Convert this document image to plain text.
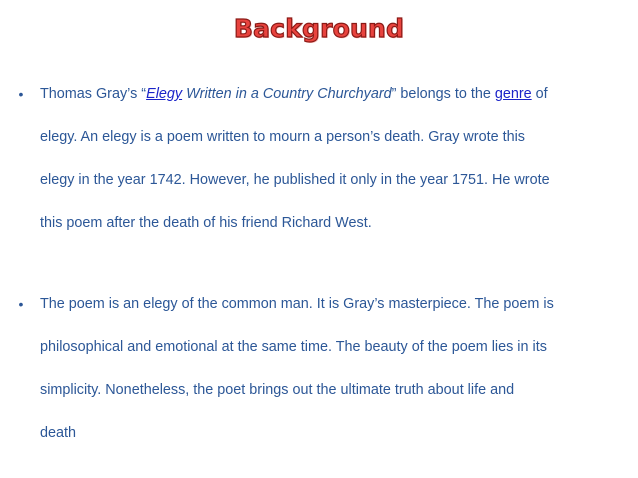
Background
•	Thomas Gray’s “Elegy Written in a Country Churchyard” belongs to the genre of
elegy. An elegy is a poem written to mourn a person’s death. Gray wrote this
elegy in the year 1742. However, he published it only in the year 1751. He wrote
this poem after the death of his friend Richard West.
•	The poem is an elegy of the common man. It is Gray’s masterpiece. The poem is
philosophical and emotional at the same time. The beauty of the poem lies in its
simplicity. Nonetheless, the poet brings out the ultimate truth about life and
death
